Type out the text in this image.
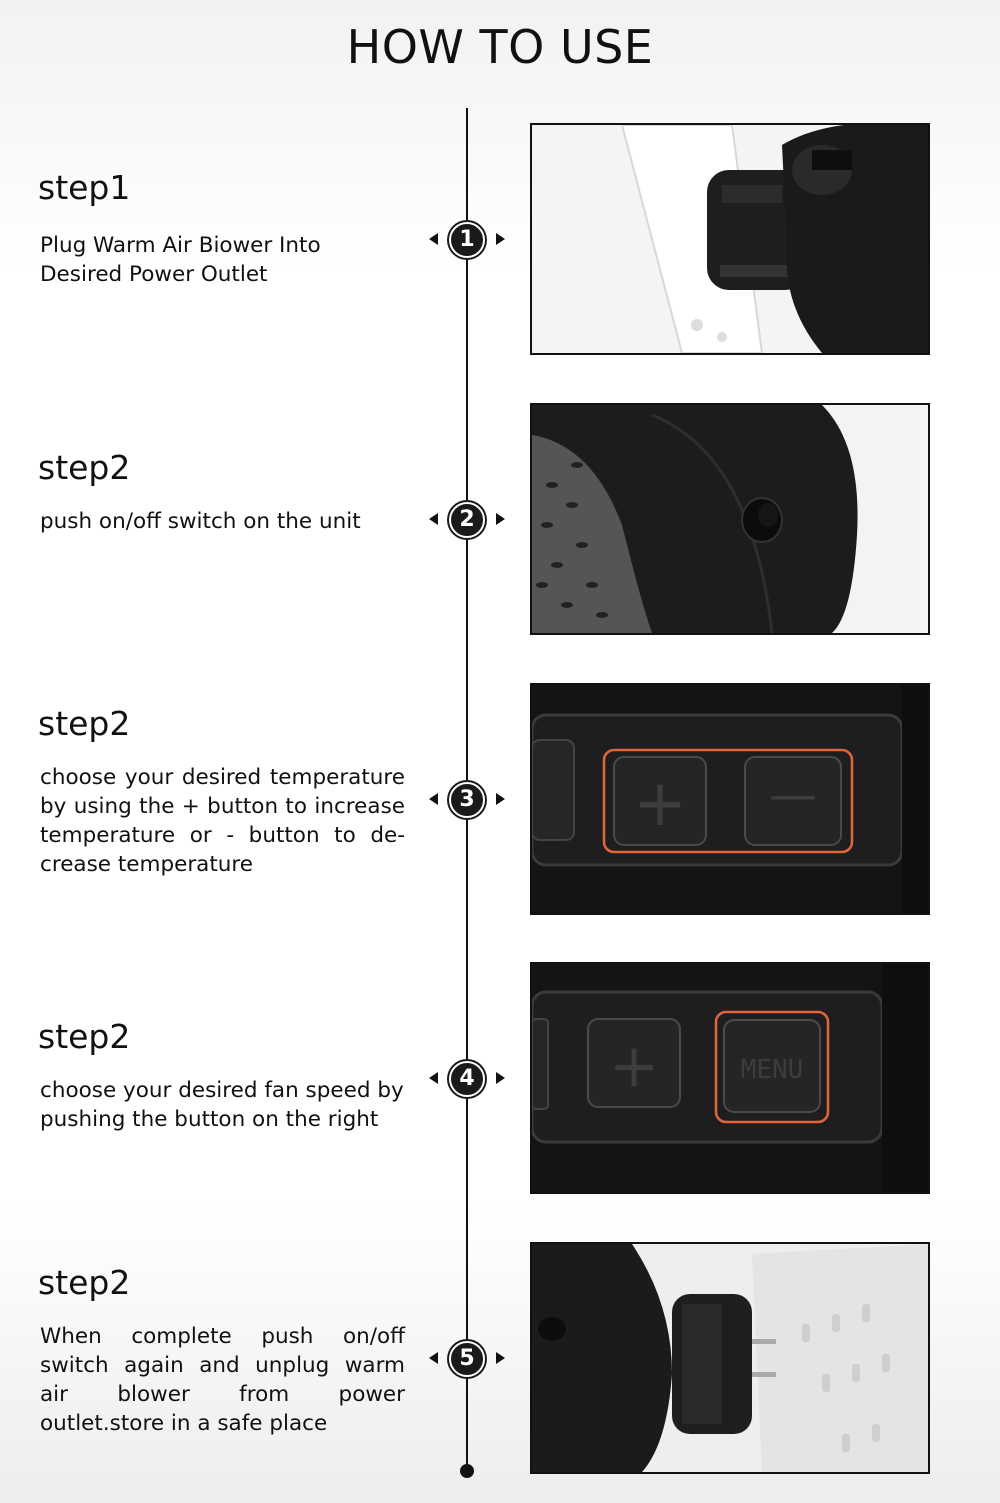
HOW TO USE
step1

Plug Warm Air Biower Into Desired Power Outlet

1
step2

push on/off switch on the unit	2
step2

choose your desired temperature by using the + button to increase temperature or - button to de-crease temperature

3 + —
step2

choose your desired fan speed by pushing the button on the right

4 +	MENU
step2

When complete push on/off switch again and unplug warm air blower from power outlet.store in a safe place

5
